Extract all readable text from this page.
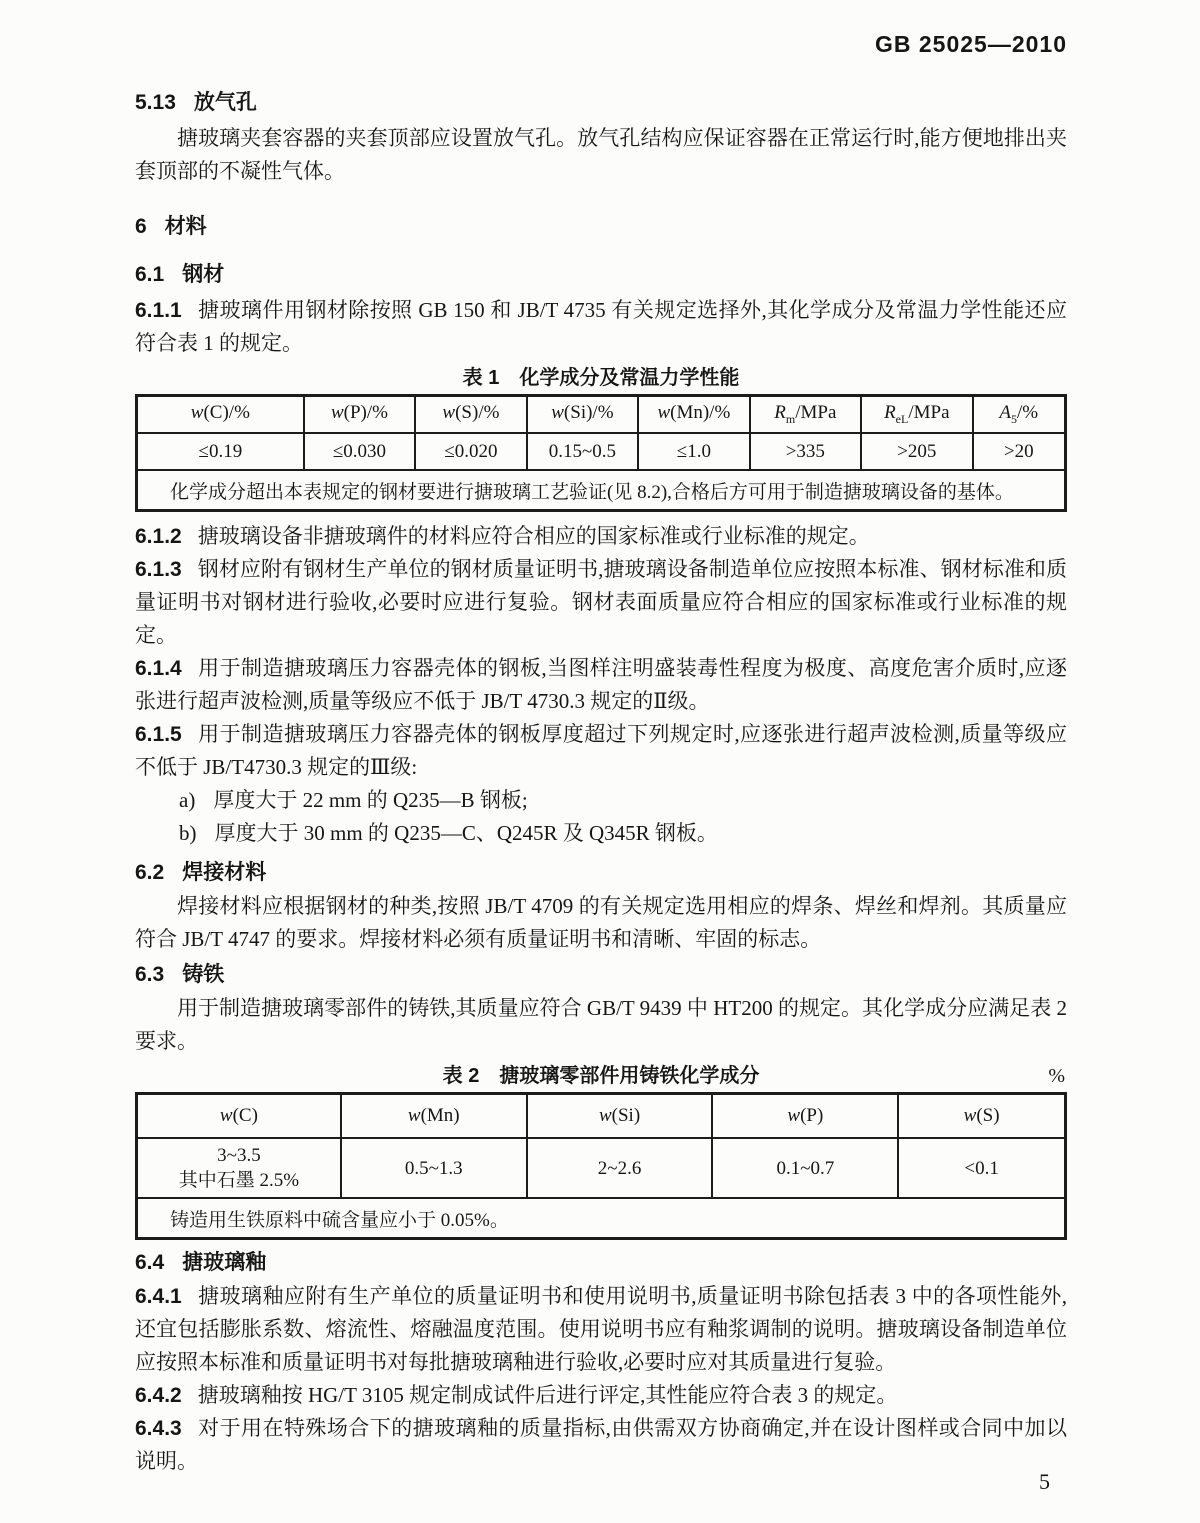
GB 25025—2010
5.13 放气孔

搪玻璃夹套容器的夹套顶部应设置放气孔。放气孔结构应保证容器在正常运行时,能方便地排出夹套顶部的不凝性气体。

6 材料
6.1 钢材

6.1.1 搪玻璃件用钢材除按照 GB 150 和 JB/T 4735 有关规定选择外,其化学成分及常温力学性能还应符合表 1 的规定。

表 1　化学成分及常温力学性能
w(C)/%	w(P)/%	w(S)/%	w(Si)/%	w(Mn)/%	$R_m$/MPa	$R_{eL}$/MPa	$A_5/\%$
≤0.19	≤0.030	≤0.020	0.15~0.5	≤1.0	>335	>205	>20
化学成分超出本表规定的钢材要进行搪玻璃工艺验证(见 8.2),合格后方可用于制造搪玻璃设备的基体。							

6.1.2 搪玻璃设备非搪玻璃件的材料应符合相应的国家标准或行业标准的规定。

6.1.3 钢材应附有钢材生产单位的钢材质量证明书,搪玻璃设备制造单位应按照本标准、钢材标准和质量证明书对钢材进行验收,必要时应进行复验。钢材表面质量应符合相应的国家标准或行业标准的规定。

6.1.4 用于制造搪玻璃压力容器壳体的钢板,当图样注明盛装毒性程度为极度、高度危害介质时,应逐张进行超声波检测,质量等级应不低于 JB/T 4730.3 规定的Ⅱ级。

6.1.5 用于制造搪玻璃压力容器壳体的钢板厚度超过下列规定时,应逐张进行超声波检测,质量等级应不低于 JB/T4730.3 规定的Ⅲ级:

a) 厚度大于 22 mm 的 Q235—B 钢板;

b) 厚度大于 30 mm 的 Q235—C、Q245R 及 Q345R 钢板。

6.2 焊接材料

焊接材料应根据钢材的种类,按照 JB/T 4709 的有关规定选用相应的焊条、焊丝和焊剂。其质量应符合 JB/T 4747 的要求。焊接材料必须有质量证明书和清晰、牢固的标志。

6.3 铸铁

用于制造搪玻璃零部件的铸铁,其质量应符合 GB/T 9439 中 HT200 的规定。其化学成分应满足表 2 要求。

表 2　搪玻璃零部件用铸铁化学成分	%
w(C)	w(Mn)	w(Si)	w(P)	w(S)

3~3.5
其中石墨 2.5%	0.5~1.3	2~2.6	0.1~0.7	<0.1
铸造用生铁原料中硫含量应小于 0.05%。				
6.4 搪玻璃釉

6.4.1 搪玻璃釉应附有生产单位的质量证明书和使用说明书,质量证明书除包括表 3 中的各项性能外,还宜包括膨胀系数、熔流性、熔融温度范围。使用说明书应有釉浆调制的说明。搪玻璃设备制造单位应按照本标准和质量证明书对每批搪玻璃釉进行验收,必要时应对其质量进行复验。

6.4.2 搪玻璃釉按 HG/T 3105 规定制成试件后进行评定,其性能应符合表 3 的规定。

6.4.3 对于用在特殊场合下的搪玻璃釉的质量指标,由供需双方协商确定,并在设计图样或合同中加以说明。

5
